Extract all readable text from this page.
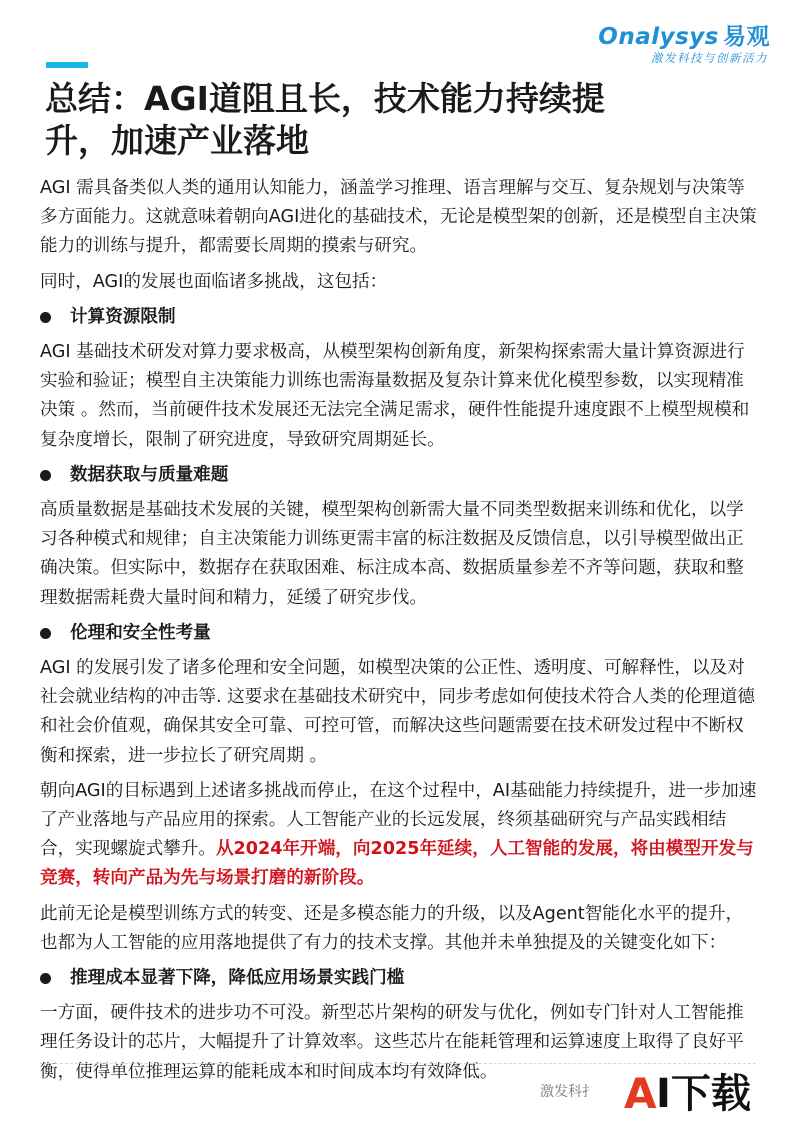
Onalysys 易观
激发科技与创新活力
总结：AGI道阻且长，技术能力持续提升，加速产业落地

AGI 需具备类似人类的通用认知能力，涵盖学习推理、语言理解与交互、复杂规划与决策等多方面能力。这就意味着朝向AGI进化的基础技术，无论是模型架的创新，还是模型自主决策能力的训练与提升，都需要长周期的摸索与研究。

同时，AGI的发展也面临诸多挑战，这包括：

计算资源限制

AGI 基础技术研发对算力要求极高，从模型架构创新角度，新架构探索需大量计算资源进行实验和验证；模型自主决策能力训练也需海量数据及复杂计算来优化模型参数，以实现精准决策 。然而，当前硬件技术发展还无法完全满足需求，硬件性能提升速度跟不上模型规模和复杂度增长，限制了研究进度，导致研究周期延长。

数据获取与质量难题

高质量数据是基础技术发展的关键，模型架构创新需大量不同类型数据来训练和优化，以学习各种模式和规律；自主决策能力训练更需丰富的标注数据及反馈信息，以引导模型做出正确决策。但实际中，数据存在获取困难、标注成本高、数据质量参差不齐等问题，获取和整理数据需耗费大量时间和精力，延缓了研究步伐。

伦理和安全性考量

AGI 的发展引发了诸多伦理和安全问题，如模型决策的公正性、透明度、可解释性，以及对社会就业结构的冲击等. 这要求在基础技术研究中，同步考虑如何使技术符合人类的伦理道德和社会价值观，确保其安全可靠、可控可管，而解决这些问题需要在技术研发过程中不断权衡和探索，进一步拉长了研究周期 。

朝向AGI的目标遇到上述诸多挑战而停止，在这个过程中，AI基础能力持续提升，进一步加速了产业落地与产品应用的探索。人工智能产业的长远发展，终须基础研究与产品实践相结合，实现螺旋式攀升。从2024年开端，向2025年延续，人工智能的发展，将由模型开发与竞赛，转向产品为先与场景打磨的新阶段。

此前无论是模型训练方式的转变、还是多模态能力的升级，以及Agent智能化水平的提升，也都为人工智能的应用落地提供了有力的技术支撑。其他并未单独提及的关键变化如下：

推理成本显著下降，降低应用场景实践门槛

一方面，硬件技术的进步功不可没。新型芯片架构的研发与优化，例如专门针对人工智能推理任务设计的芯片，大幅提升了计算效率。这些芯片在能耗管理和运算速度上取得了良好平衡，使得单位推理运算的能耗成本和时间成本均有效降低。

激发科扌 A I下载
